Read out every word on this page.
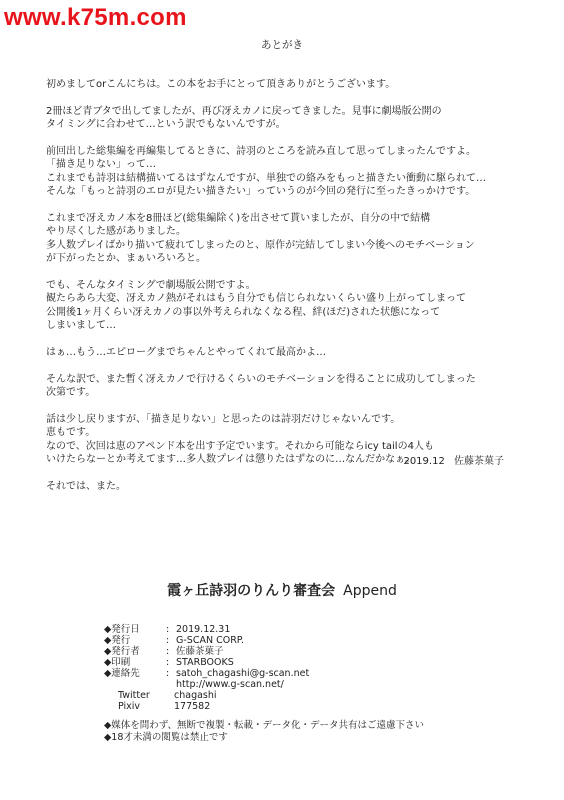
www.k75m.com
あとがき

初めましてorこんにちは。この本をお手にとって頂きありがとうございます。

2冊ほど青ブタで出してましたが、再び冴えカノに戻ってきました。見事に劇場版公開の
タイミングに合わせて…という訳でもないんですが。

前回出した総集編を再編集してるときに、詩羽のところを読み直して思ってしまったんですよ。
「描き足りない」って…
これまでも詩羽は結構描いてるはずなんですが、単独での絡みをもっと描きたい衝動に駆られて…
そんな「もっと詩羽のエロが見たい描きたい」っていうのが今回の発行に至ったきっかけです。

これまで冴えカノ本を8冊ほど(総集編除く)を出させて貰いましたが、自分の中で結構
やり尽くした感がありました。
多人数プレイばかり描いて疲れてしまったのと、原作が完結してしまい今後へのモチベーション
が下がったとか、まぁいろいろと。

でも、そんなタイミングで劇場版公開ですよ。
観たらあら大変、冴えカノ熱がそれはもう自分でも信じられないくらい盛り上がってしまって
公開後1ヶ月くらい冴えカノの事以外考えられなくなる程、絆(ほだ)された状態になって
しまいまして…

はぁ…もう…エピローグまでちゃんとやってくれて最高かよ…

そんな訳で、また暫く冴えカノで行けるくらいのモチベーションを得ることに成功してしまった
次第です。

話は少し戻りますが、「描き足りない」と思ったのは詩羽だけじゃないんです。
恵もです。
なので、次回は恵のアペンド本を出す予定でいます。それから可能ならicy tailの4人も
いけたらなーとか考えてます…多人数プレイは懲りたはずなのに…なんだかなぁ。

それでは、また。

2019.12 佐藤茶菓子
霞ヶ丘詩羽のりんり審査会 Append
◆発行日	: 2019.12.31
◆発行	: G-SCAN CORP.
◆発行者	: 佐藤茶菓子
◆印刷	: STARBOOKS
◆連絡先	: satoh_chagashi@g-scan.net
http://www.g-scan.net/
Twitter	chagashi
Pixiv	177582
◆媒体を問わず、無断で複製・転載・データ化・データ共有はご遠慮下さい
◆18才未満の閲覧は禁止です
